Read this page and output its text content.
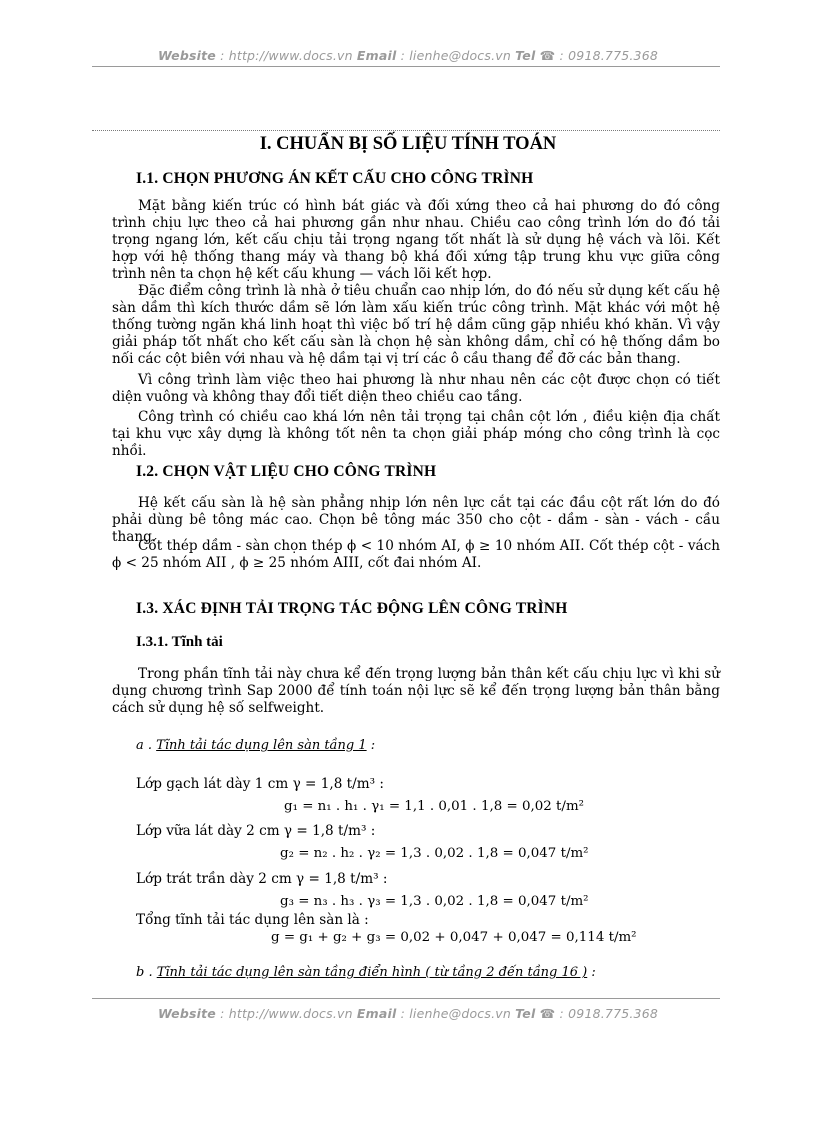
Website : http://www.docs.vn Email : lienhe@docs.vn Tel ☎ : 0918.775.368
I. CHUẨN BỊ SỐ LIỆU TÍNH TOÁN
I.1. CHỌN PHƯƠNG ÁN KẾT CẤU CHO CÔNG TRÌNH
Mặt bằng kiến trúc có hình bát giác và đối xứng theo cả hai phương do đó công trình chịu lực theo cả hai phương gần như nhau. Chiều cao công trình lớn do đó tải trọng ngang lớn, kết cấu chịu tải trọng ngang tốt nhất là sử dụng hệ vách và lõi. Kết hợp với hệ thống thang máy và thang bộ khá đối xứng tập trung khu vực giữa công trình nên ta chọn hệ kết cấu khung — vách lõi kết hợp.
Đặc điểm công trình là nhà ở tiêu chuẩn cao nhịp lớn, do đó nếu sử dụng kết cấu hệ sàn dầm thì kích thước dầm sẽ lớn làm xấu kiến trúc công trình. Mặt khác với một hệ thống tường ngăn khá linh hoạt thì việc bố trí hệ dầm cũng gặp nhiều khó khăn. Vì vậy giải pháp tốt nhất cho kết cấu sàn là chọn hệ sàn không dầm, chỉ có hệ thống dầm bo nối các cột biên với nhau và hệ dầm tại vị trí các ô cầu thang để đỡ các bản thang.
Vì công trình làm việc theo hai phương là như nhau nên các cột được chọn có tiết diện vuông và không thay đổi tiết diện theo chiều cao tầng.
Công trình có chiều cao khá lớn nên tải trọng tại chân cột lớn , điều kiện địa chất tại khu vực xây dựng là không tốt nên ta chọn giải pháp móng cho công trình là cọc nhồi.
I.2. CHỌN VẬT LIỆU CHO CÔNG TRÌNH
Hệ kết cấu sàn là hệ sàn phẳng nhịp lớn nên lực cắt tại các đầu cột rất lớn do đó phải dùng bê tông mác cao. Chọn bê tông mác 350 cho cột - dầm - sàn - vách - cầu thang.
Cốt thép dầm - sàn chọn thép ϕ < 10 nhóm AI, ϕ ≥ 10 nhóm AII. Cốt thép cột - vách ϕ < 25 nhóm AII , ϕ ≥ 25 nhóm AIII, cốt đai nhóm AI.
I.3. XÁC ĐỊNH TẢI TRỌNG TÁC ĐỘNG LÊN CÔNG TRÌNH
I.3.1. Tĩnh tải
Trong phần tĩnh tải này chưa kể đến trọng lượng bản thân kết cấu chịu lực vì khi sử dụng chương trình Sap 2000 để tính toán nội lực sẽ kể đến trọng lượng bản thân bằng cách sử dụng hệ số selfweight.
a . Tĩnh tải tác dụng lên sàn tầng 1 :
Lớp gạch lát dày 1 cm γ = 1,8 t/m³ :
g₁ = n₁ . h₁ . γ₁ = 1,1 . 0,01 . 1,8 = 0,02 t/m²
Lớp vữa lát dày 2 cm γ = 1,8 t/m³ :
g₂ = n₂ . h₂ . γ₂ = 1,3 . 0,02 . 1,8 = 0,047 t/m²
Lớp trát trần dày 2 cm γ = 1,8 t/m³ :
g₃ = n₃ . h₃ . γ₃ = 1,3 . 0,02 . 1,8 = 0,047 t/m²
Tổng tĩnh tải tác dụng lên sàn là :
g = g₁ + g₂ + g₃ = 0,02 + 0,047 + 0,047 = 0,114 t/m²
b . Tĩnh tải tác dụng lên sàn tầng điển hình ( từ tầng 2 đến tầng 16 ) :
Website : http://www.docs.vn Email : lienhe@docs.vn Tel ☎ : 0918.775.368
